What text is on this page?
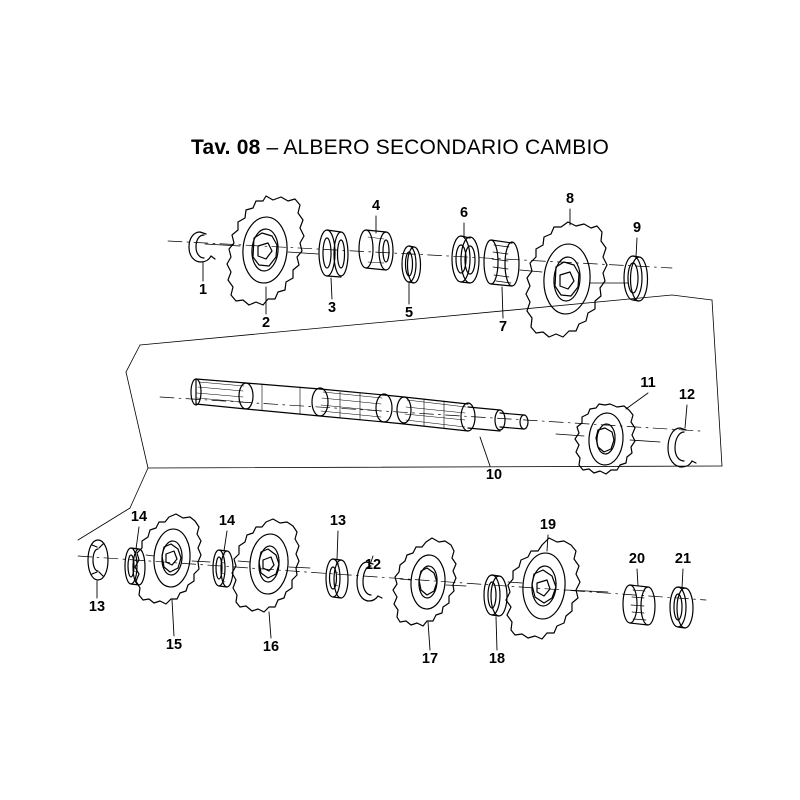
Tav. 08 – ALBERO SECONDARIO CAMBIO
1
2
3
4
5
6
7
8
9
10
11
12
13
14	14
15	16
13
12
17	18
19
20 21
